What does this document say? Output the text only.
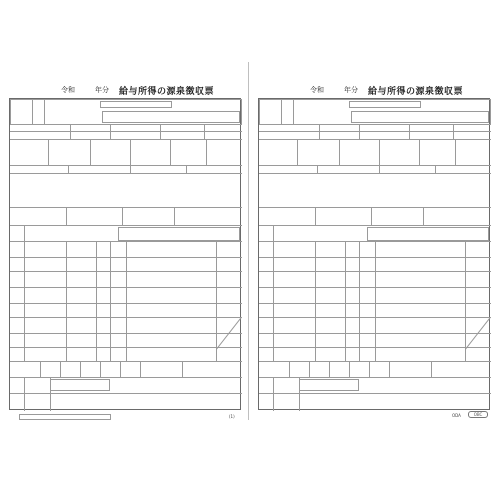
令和	年分 給与所得の源泉徴収票
(1)
令和	年分 給与所得の源泉徴収票
ODA	OBC
